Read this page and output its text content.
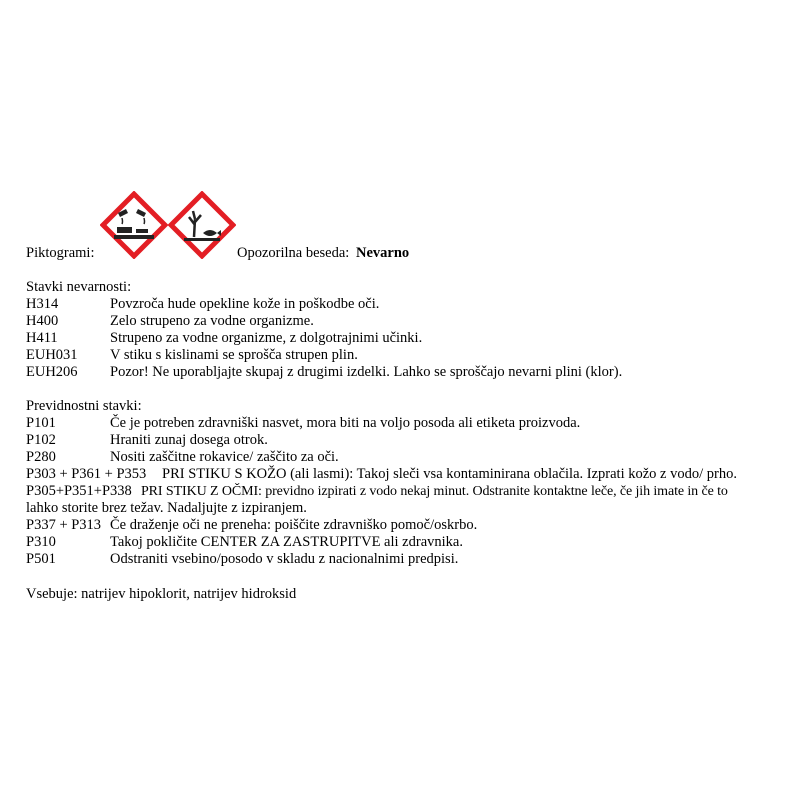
Piktogrami:	Opozorilna beseda: Nevarno
Stavki nevarnosti:
H314	Povzroča hude opekline kože in poškodbe oči.
H400	Zelo strupeno za vodne organizme.
H411	Strupeno za vodne organizme, z dolgotrajnimi učinki.
EUH031 V stiku s kislinami se sprošča strupen plin.
EUH206 Pozor! Ne uporabljajte skupaj z drugimi izdelki. Lahko se sproščajo nevarni plini (klor).
Previdnostni stavki:
P101	Če je potreben zdravniški nasvet, mora biti na voljo posoda ali etiketa proizvoda.
P102	Hraniti zunaj dosega otrok.
P280	Nositi zaščitne rokavice/ zaščito za oči.
P303 + P361 + P353 PRI STIKU S KOŽO (ali lasmi): Takoj sleči vsa kontaminirana oblačila. Izprati kožo z vodo/ prho.
P305+P351+P338 PRI STIKU Z OČMI: previdno izpirati z vodo nekaj minut. Odstranite kontaktne leče, če jih imate in če to
lahko storite brez težav. Nadaljujte z izpiranjem.
P337 + P313 Če draženje oči ne preneha: poiščite zdravniško pomoč/oskrbo.
P310	Takoj pokličite CENTER ZA ZASTRUPITVE ali zdravnika.
P501	Odstraniti vsebino/posodo v skladu z nacionalnimi predpisi.
Vsebuje: natrijev hipoklorit, natrijev hidroksid
